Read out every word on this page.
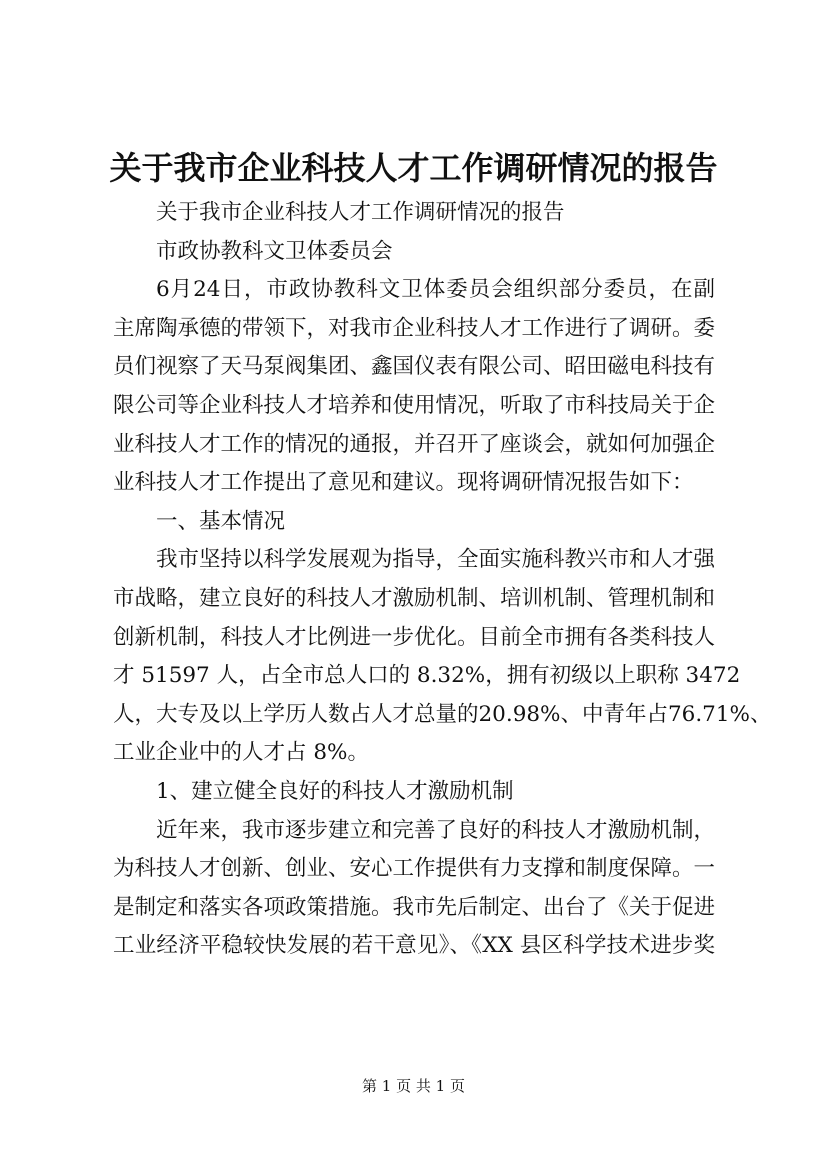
关于我市企业科技人才工作调研情况的报告
关于我市企业科技人才工作调研情况的报告
市政协教科文卫体委员会
6月24日，市政协教科文卫体委员会组织部分委员，在副
主席陶承德的带领下，对我市企业科技人才工作进行了调研。委
员们视察了天马泵阀集团、鑫国仪表有限公司、昭田磁电科技有
限公司等企业科技人才培养和使用情况，听取了市科技局关于企
业科技人才工作的情况的通报，并召开了座谈会，就如何加强企
业科技人才工作提出了意见和建议。现将调研情况报告如下：
一、基本情况
我市坚持以科学发展观为指导，全面实施科教兴市和人才强
市战略，建立良好的科技人才激励机制、培训机制、管理机制和
创新机制，科技人才比例进一步优化。目前全市拥有各类科技人
才 51597 人，占全市总人口的 8.32%，拥有初级以上职称 3472
人，大专及以上学历人数占人才总量的20.98%、中青年占76.71%、
工业企业中的人才占 8%。
1、建立健全良好的科技人才激励机制
近年来，我市逐步建立和完善了良好的科技人才激励机制，
为科技人才创新、创业、安心工作提供有力支撑和制度保障。一
是制定和落实各项政策措施。我市先后制定、出台了《关于促进
工业经济平稳较快发展的若干意见》、《XX 县区科学技术进步奖
第 1 页 共 1 页
